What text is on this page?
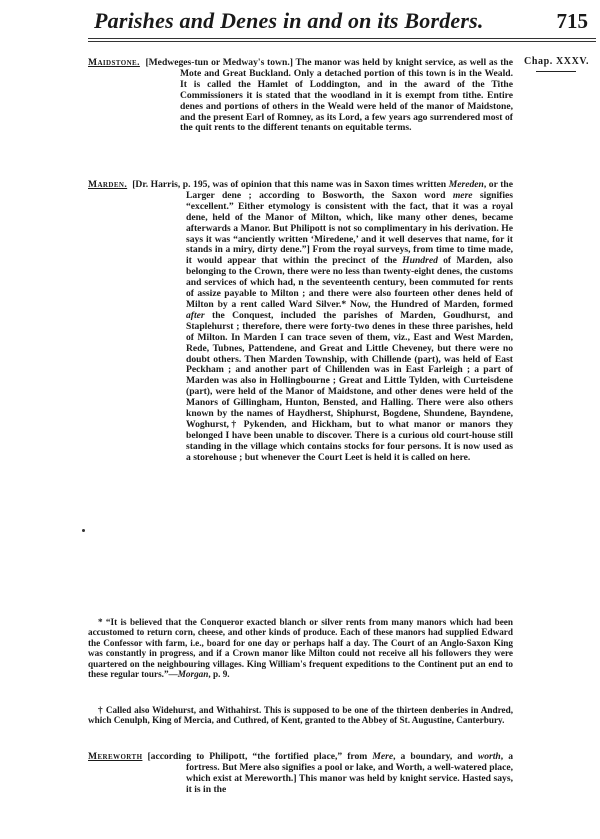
Parishes and Denes in and on its Borders.	715
Chap. XXXV.

Maidstone. [Medweges-tun or Medway's town.] The manor was held by knight service, as well as the Mote and Great Buckland. Only a detached portion of this town is in the Weald. It is called the Hamlet of Loddington, and in the award of the Tithe Commissioners it is stated that the woodland in it is exempt from tithe. Entire denes and portions of others in the Weald were held of the manor of Maidstone, and the present Earl of Romney, as its Lord, a few years ago surrendered most of the quit rents to the different tenants on equitable terms.

Marden. [Dr. Harris, p. 195, was of opinion that this name was in Saxon times written Mereden, or the Larger dene ; according to Bosworth, the Saxon word mere signifies “excellent.” Either etymology is consistent with the fact, that it was a royal dene, held of the Manor of Milton, which, like many other denes, became afterwards a Manor. But Philipott is not so complimentary in his derivation. He says it was “anciently written ‘Miredene,’ and it well deserves that name, for it stands in a miry, dirty dene.”] From the royal surveys, from time to time made, it would appear that within the precinct of the Hundred of Marden, also belonging to the Crown, there were no less than twenty-eight denes, the customs and services of which had, n the seventeenth century, been commuted for rents of assize payable to Milton ; and there were also fourteen other denes held of Milton by a rent called Ward Silver.* Now, the Hundred of Marden, formed after the Conquest, included the parishes of Marden, Goudhurst, and Staplehurst ; therefore, there were forty-two denes in these three parishes, held of Milton. In Marden I can trace seven of them, viz., East and West Marden, Rede, Tubnes, Pattendene, and Great and Little Cheveney, but there were no doubt others. Then Marden Township, with Chillende (part), was held of East Peckham ; and another part of Chillenden was in East Farleigh ; a part of Marden was also in Hollingbourne ; Great and Little Tylden, with Curteisdene (part), were held of the Manor of Maidstone, and other denes were held of the Manors of Gillingham, Hunton, Bensted, and Halling. There were also others known by the names of Haydherst, Shiphurst, Bogdene, Shundene, Bayndene, Woghurst,† Pykenden, and Hickham, but to what manor or manors they belonged I have been unable to discover. There is a curious old court-house still standing in the village which contains stocks for four persons. It is now used as a storehouse ; but whenever the Court Leet is held it is called on here.

* “It is believed that the Conqueror exacted blanch or silver rents from many manors which had been accustomed to return corn, cheese, and other kinds of produce. Each of these manors had supplied Edward the Confessor with farm, i.e., board for one day or perhaps half a day. The Court of an Anglo-Saxon King was constantly in progress, and if a Crown manor like Milton could not receive all his followers they were quartered on the neighbouring villages. King William's frequent expeditions to the Continent put an end to these regular tours.”—Morgan, p. 9.

† Called also Widehurst, and Withahirst. This is supposed to be one of the thirteen denberies in Andred, which Cenulph, King of Mercia, and Cuthred, of Kent, granted to the Abbey of St. Augustine, Canterbury.

Mereworth [according to Philipott, “the fortified place,” from Mere, a boundary, and worth, a fortress. But Mere also signifies a pool or lake, and Worth, a well-watered place, which exist at Mereworth.] This manor was held by knight service. Hasted says, it is in the
